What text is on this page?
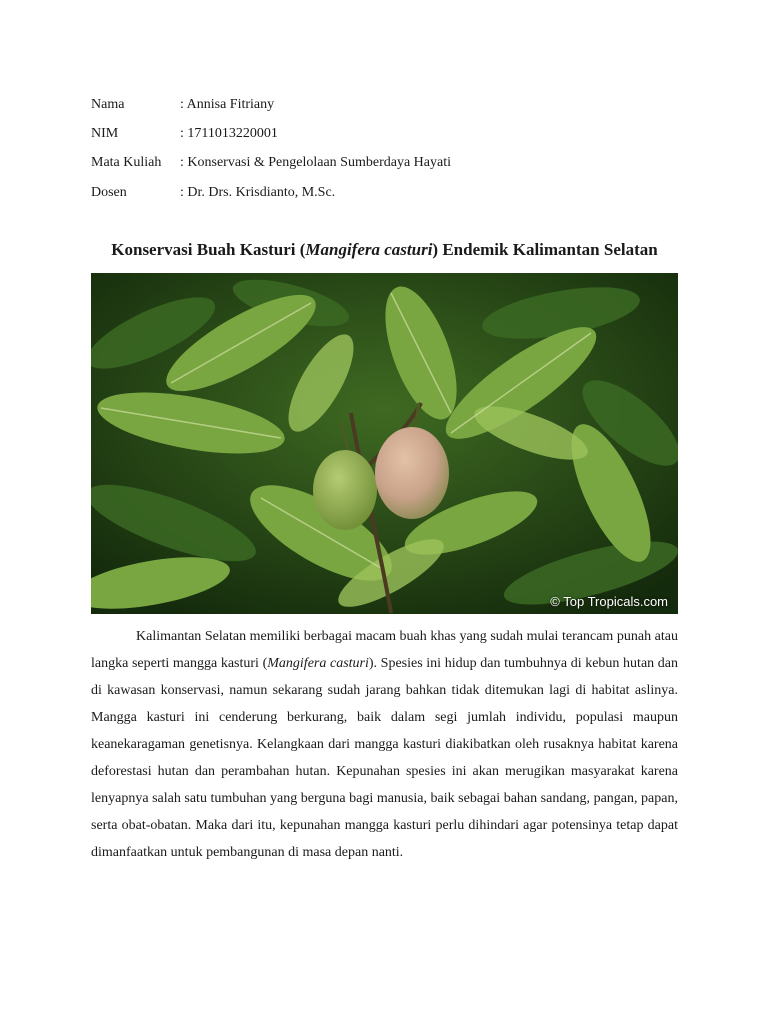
Nama	: Annisa Fitriany
NIM	: 1711013220001
Mata Kuliah	: Konservasi & Pengelolaan Sumberdaya Hayati
Dosen	: Dr. Drs. Krisdianto, M.Sc.
Konservasi Buah Kasturi (Mangifera casturi) Endemik Kalimantan Selatan
© Top Tropicals.com

Kalimantan Selatan memiliki berbagai macam buah khas yang sudah mulai terancam punah atau langka seperti mangga kasturi (Mangifera casturi). Spesies ini hidup dan tumbuhnya di kebun hutan dan di kawasan konservasi, namun sekarang sudah jarang bahkan tidak ditemukan lagi di habitat aslinya. Mangga kasturi ini cenderung berkurang, baik dalam segi jumlah individu, populasi maupun keanekaragaman genetisnya. Kelangkaan dari mangga kasturi diakibatkan oleh rusaknya habitat karena deforestasi hutan dan perambahan hutan. Kepunahan spesies ini akan merugikan masyarakat karena lenyapnya salah satu tumbuhan yang berguna bagi manusia, baik sebagai bahan sandang, pangan, papan, serta obat-obatan. Maka dari itu, kepunahan mangga kasturi perlu dihindari agar potensinya tetap dapat dimanfaatkan untuk pembangunan di masa depan nanti.
